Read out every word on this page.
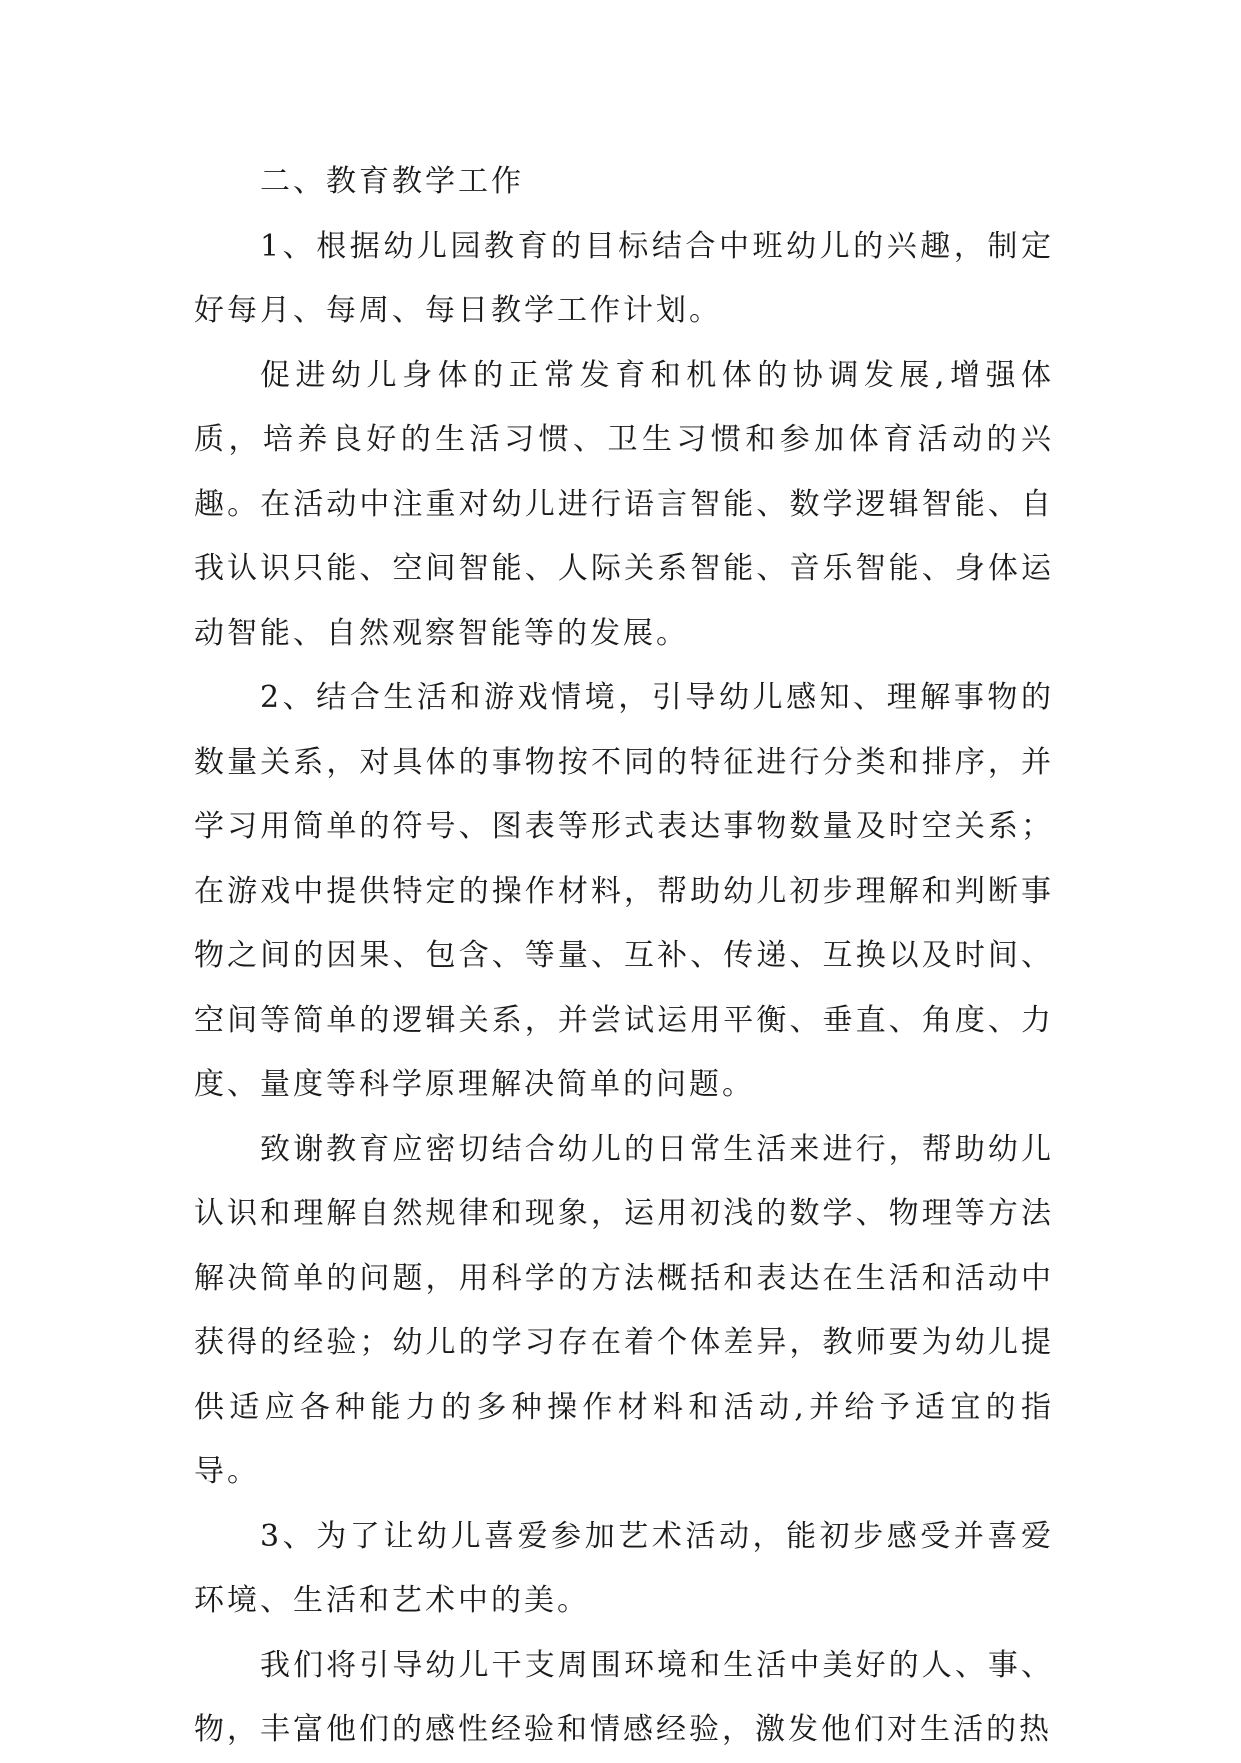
二、教育教学工作

1、根据幼儿园教育的目标结合中班幼儿的兴趣，制定好每月、每周、每日教学工作计划。

促进幼儿身体的正常发育和机体的协调发展,增强体质，培养良好的生活习惯、卫生习惯和参加体育活动的兴趣。在活动中注重对幼儿进行语言智能、数学逻辑智能、自我认识只能、空间智能、人际关系智能、音乐智能、身体运动智能、自然观察智能等的发展。

2、结合生活和游戏情境，引导幼儿感知、理解事物的数量关系，对具体的事物按不同的特征进行分类和排序，并学习用简单的符号、图表等形式表达事物数量及时空关系；在游戏中提供特定的操作材料，帮助幼儿初步理解和判断事物之间的因果、包含、等量、互补、传递、互换以及时间、空间等简单的逻辑关系，并尝试运用平衡、垂直、角度、力度、量度等科学原理解决简单的问题。

致谢教育应密切结合幼儿的日常生活来进行，帮助幼儿认识和理解自然规律和现象，运用初浅的数学、物理等方法解决简单的问题，用科学的方法概括和表达在生活和活动中获得的经验；幼儿的学习存在着个体差异，教师要为幼儿提供适应各种能力的多种操作材料和活动,并给予适宜的指导。

3、为了让幼儿喜爱参加艺术活动，能初步感受并喜爱环境、生活和艺术中的美。

我们将引导幼儿干支周围环境和生活中美好的人、事、物，丰富他们的感性经验和情感经验，激发他们对生活的热
